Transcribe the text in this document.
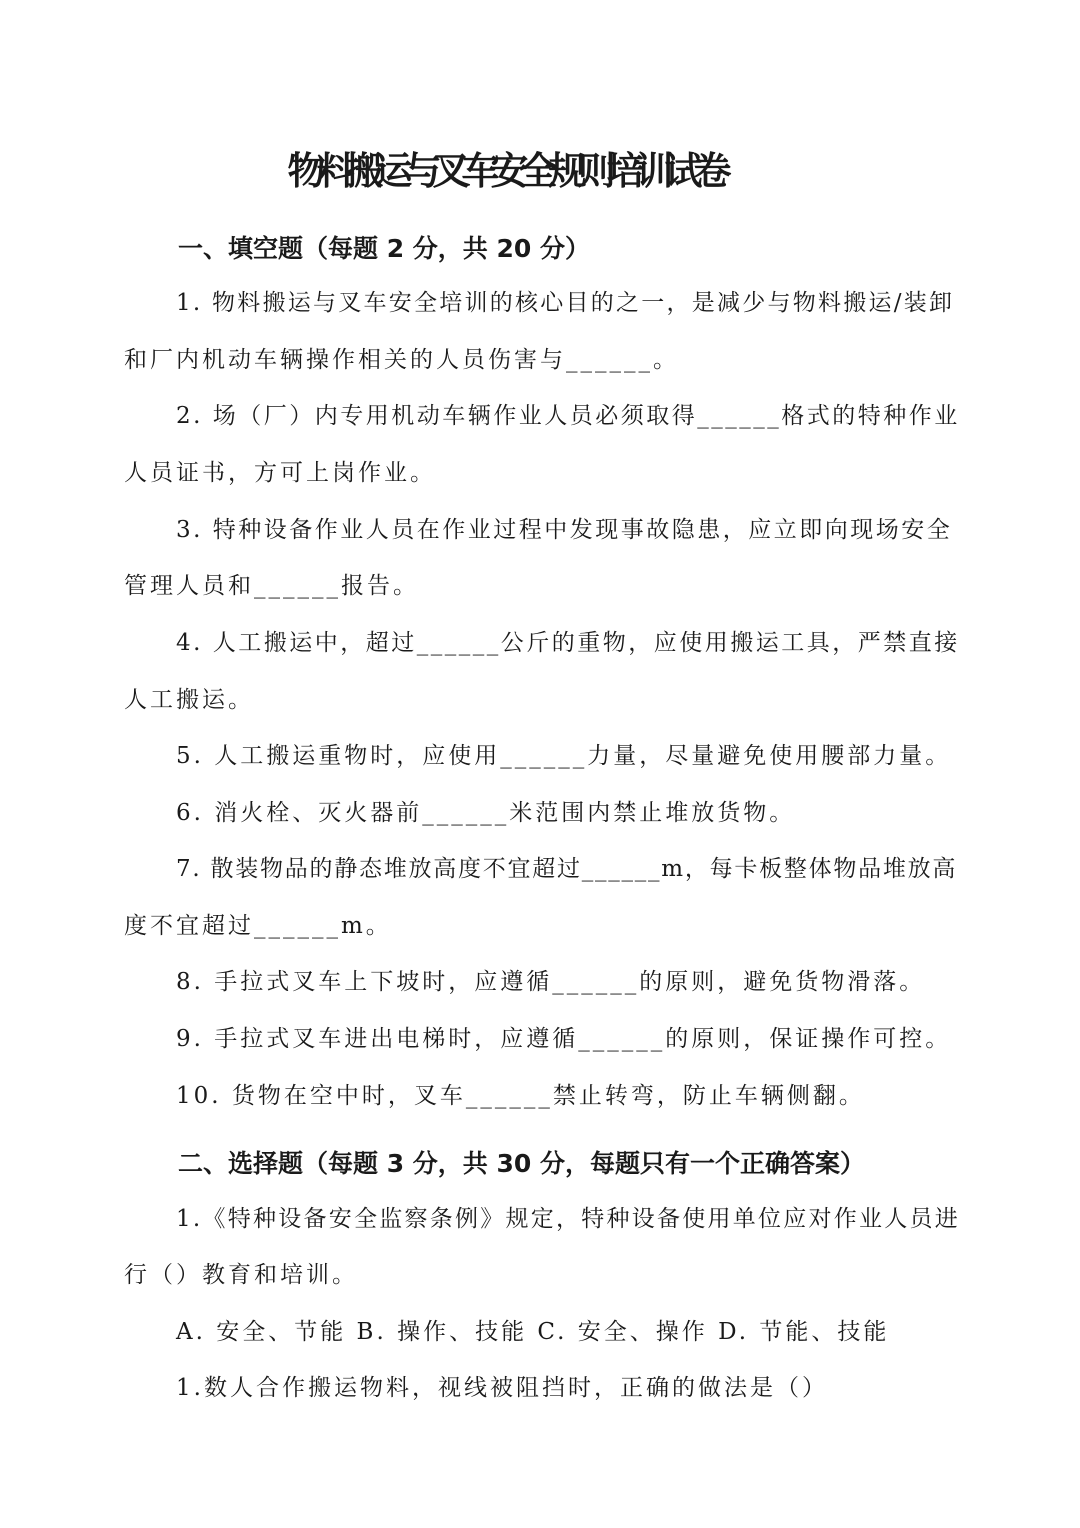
物料搬运与叉车安全规则培训试卷
一、填空题（每题 2 分，共 20 分）
1. 物料搬运与叉车安全培训的核心目的之一，是减少与物料搬运/装卸
和厂内机动车辆操作相关的人员伤害与______。
2. 场（厂）内专用机动车辆作业人员必须取得______格式的特种作业
人员证书，方可上岗作业。
3. 特种设备作业人员在作业过程中发现事故隐患，应立即向现场安全
管理人员和______报告。
4. 人工搬运中，超过______公斤的重物，应使用搬运工具，严禁直接
人工搬运。
5. 人工搬运重物时，应使用______力量，尽量避免使用腰部力量。
6. 消火栓、灭火器前______米范围内禁止堆放货物。
7. 散装物品的静态堆放高度不宜超过______m，每卡板整体物品堆放高
度不宜超过______m。
8. 手拉式叉车上下坡时，应遵循______的原则，避免货物滑落。
9. 手拉式叉车进出电梯时，应遵循______的原则，保证操作可控。
10. 货物在空中时，叉车______禁止转弯，防止车辆侧翻。
二、选择题（每题 3 分，共 30 分，每题只有一个正确答案）
1.《特种设备安全监察条例》规定，特种设备使用单位应对作业人员进
行（）教育和培训。
A. 安全、节能 B. 操作、技能 C. 安全、操作 D. 节能、技能
1.数人合作搬运物料，视线被阻挡时，正确的做法是（）
